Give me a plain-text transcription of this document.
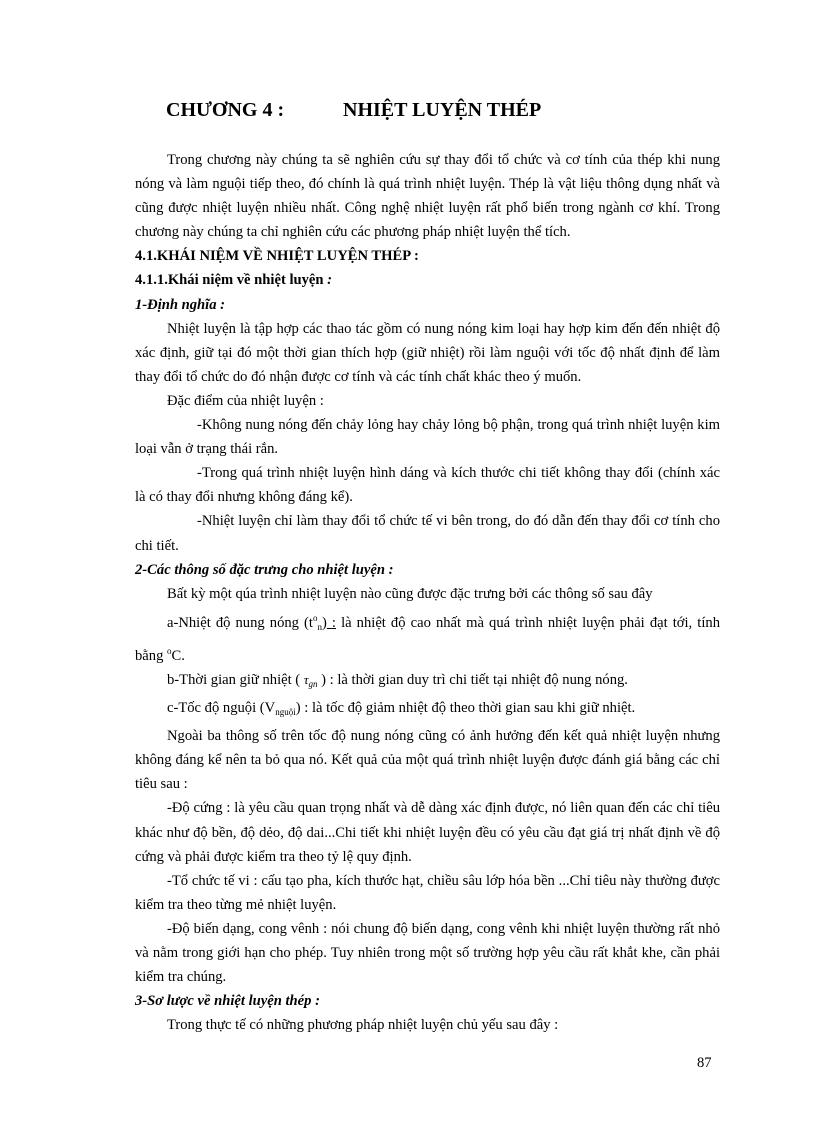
CHƯƠNG 4 :	NHIỆT LUYỆN THÉP

Trong chương này chúng ta sẽ nghiên cứu sự thay đổi tổ chức và cơ tính của thép khi nung nóng và làm nguội tiếp theo, đó chính là quá trình nhiệt luyện. Thép là vật liệu thông dụng nhất và cũng được nhiệt luyện nhiều nhất. Công nghệ nhiệt luyện rất phổ biến trong ngành cơ khí. Trong chương này chúng ta chỉ nghiên cứu các phương pháp nhiệt luyện thể tích.

4.1.KHÁI NIỆM VỀ NHIỆT LUYỆN THÉP :

4.1.1.Khái niệm về nhiệt luyện :

1-Định nghĩa :

Nhiệt luyện là tập hợp các thao tác gồm có nung nóng kim loại hay hợp kim đến đến nhiệt độ xác định, giữ tại đó một thời gian thích hợp (giữ nhiệt) rồi làm nguội với tốc độ nhất định để làm thay đổi tổ chức do đó nhận được cơ tính và các tính chất khác theo ý muốn.

Đặc điểm của nhiệt luyện :

-Không nung nóng đến chảy lỏng hay chảy lỏng bộ phận, trong quá trình nhiệt luyện kim loại vẫn ở trạng thái rắn.

-Trong quá trình nhiệt luyện hình dáng và kích thước chi tiết không thay đổi (chính xác là có thay đổi nhưng không đáng kể).

-Nhiệt luyện chỉ làm thay đổi tổ chức tế vi bên trong, do đó dẫn đến thay đổi cơ tính cho chi tiết.

2-Các thông số đặc trưng cho nhiệt luyện :

Bất kỳ một qúa trình nhiệt luyện nào cũng được đặc trưng bởi các thông số sau đây

a-Nhiệt độ nung nóng $(t^o_n)$ : là nhiệt độ cao nhất mà quá trình nhiệt luyện phải đạt tới, tính bằng $^o$C.

b-Thời gian giữ nhiệt ( $\tau_{gn}$ ) : là thời gian duy trì chi tiết tại nhiệt độ nung nóng.

c-Tốc độ nguội $(V_{nguội})$ : là tốc độ giảm nhiệt độ theo thời gian sau khi giữ nhiệt.

Ngoài ba thông số trên tốc độ nung nóng cũng có ảnh hưởng đến kết quả nhiệt luyện nhưng không đáng kể nên ta bỏ qua nó. Kết quả của một quá trình nhiệt luyện được đánh giá bằng các chỉ tiêu sau :

-Độ cứng : là yêu cầu quan trọng nhất và dễ dàng xác định được, nó liên quan đến các chỉ tiêu khác như độ bền, độ dẻo, độ dai...Chi tiết khi nhiệt luyện đều có yêu cầu đạt giá trị nhất định về độ cứng và phải được kiểm tra theo tỷ lệ quy định.

-Tổ chức tế vi : cấu tạo pha, kích thước hạt, chiều sâu lớp hóa bền ...Chỉ tiêu này thường được kiểm tra theo từng mẻ nhiệt luyện.

-Độ biến dạng, cong vênh : nói chung độ biến dạng, cong vênh khi nhiệt luyện thường rất nhỏ và nằm trong giới hạn cho phép. Tuy nhiên trong một số trường hợp yêu cầu rất khắt khe, cần phải kiểm tra chúng.

3-Sơ lược về nhiệt luyện thép :

Trong thực tế có những phương pháp nhiệt luyện chủ yếu sau đây :

87
